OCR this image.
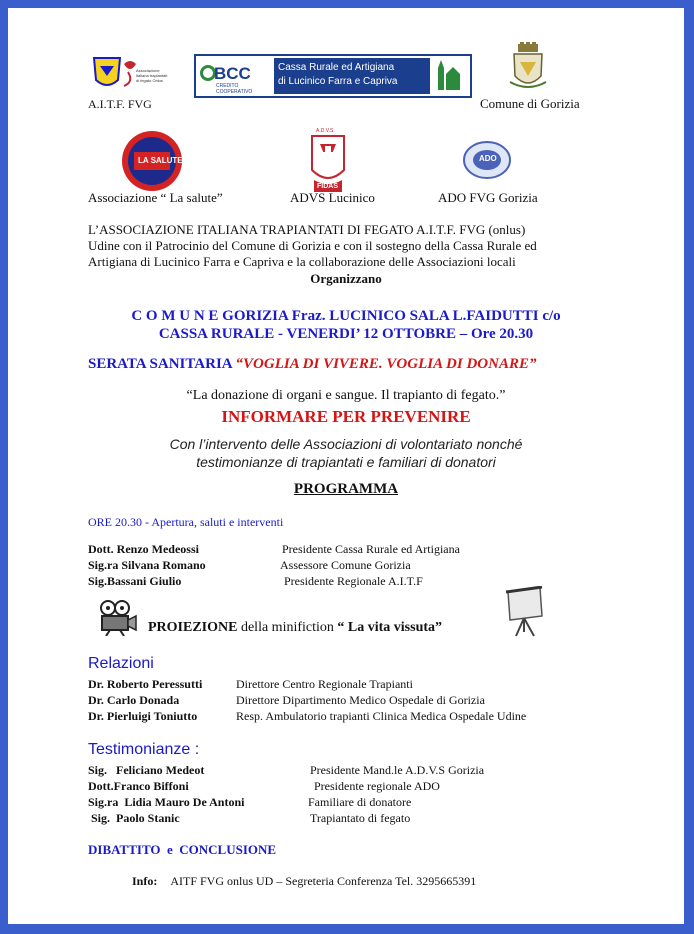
Associazione italiana trapiantati di fegato Onlus
A.I.T.F. FVG
BCC
CREDITO COOPERATIVO
Cassa Rurale ed Artigiana
di Lucinico Farra e Capriva
Comune di Gorizia
LA SALUTE
Associazione “ La salute”
A.D.V.S.
FIDAS
ADVS Lucinico
ADO
ADO FVG Gorizia
L’ASSOCIAZIONE ITALIANA TRAPIANTATI DI FEGATO A.I.T.F. FVG (onlus)
Udine con il Patrocinio del Comune di Gorizia e con il sostegno della Cassa Rurale ed
Artigiana di Lucinico Farra e Capriva e la collaborazione delle Associazioni locali
Organizzano
C O M U N E GORIZIA Fraz. LUCINICO SALA L.FAIDUTTI c/o
CASSA RURALE - VENERDI’ 12 OTTOBRE – Ore 20.30
SERATA SANITARIA “VOGLIA DI VIVERE. VOGLIA DI DONARE”
“La donazione di organi e sangue. Il trapianto di fegato.”
INFORMARE PER PREVENIRE
Con l’intervento delle Associazioni di volontariato nonché
testimonianze di trapiantati e familiari di donatori
PROGRAMMA
ORE 20.30 - Apertura, saluti e interventi
Dott. Renzo Medeossi	Presidente Cassa Rurale ed Artigiana
Sig.ra Silvana Romano	Assessore Comune Gorizia
Sig.Bassani Giulio	Presidente Regionale A.I.T.F
PROIEZIONE della minifiction “ La vita vissuta”
Relazioni
Dr. Roberto Peressutti	Direttore Centro Regionale Trapianti
Dr. Carlo Donada	Direttore Dipartimento Medico Ospedale di Gorizia
Dr. Pierluigi Toniutto	Resp. Ambulatorio trapianti Clinica Medica Ospedale Udine
Testimonianze :
Sig.   Feliciano Medeot	Presidente Mand.le A.D.V.S Gorizia
Dott.Franco Biffoni	Presidente regionale ADO
Sig.ra  Lidia Mauro De Antoni	Familiare di donatore
Sig.  Paolo Stanic	Trapiantato di fegato
DIBATTITO  e  CONCLUSIONE
Info: AITF FVG onlus UD – Segreteria Conferenza Tel. 3295665391
